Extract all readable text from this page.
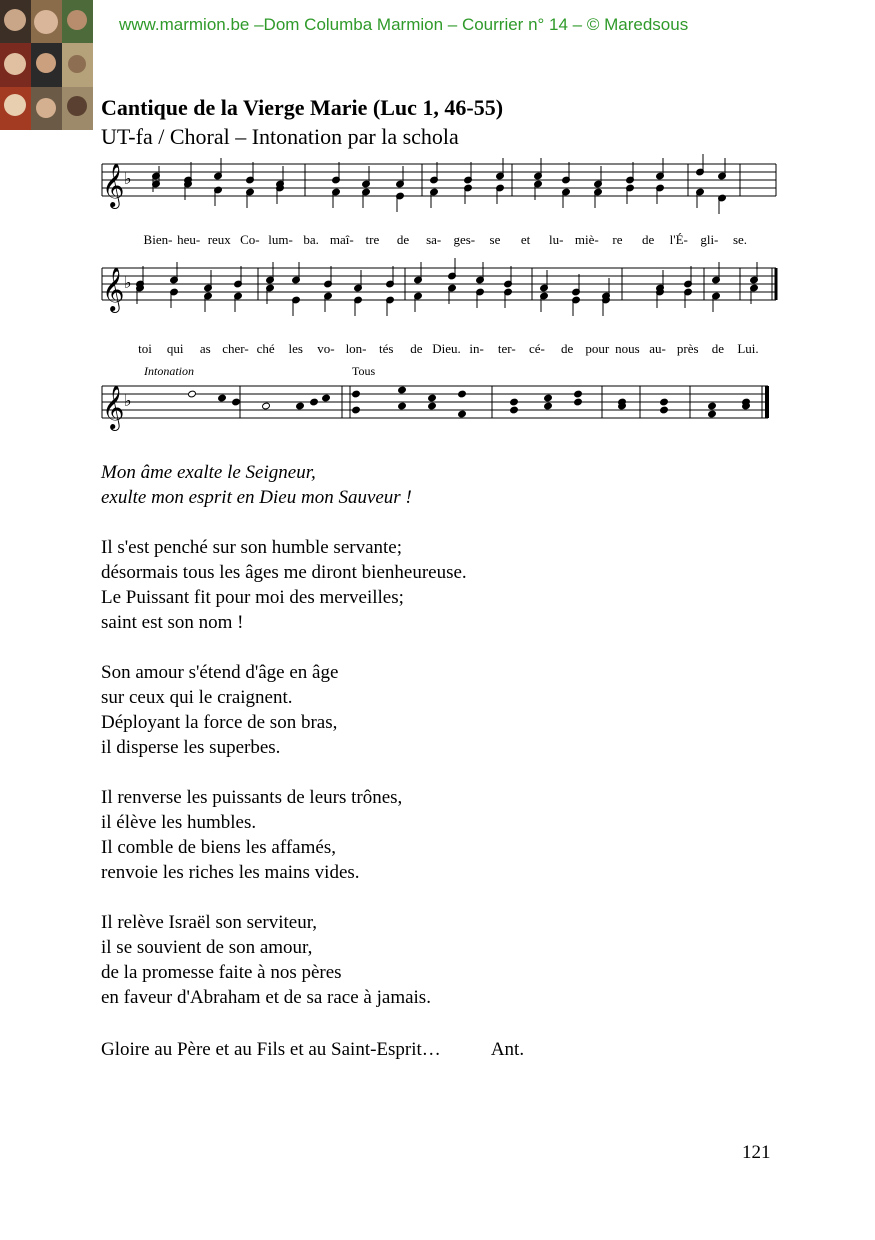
www.marmion.be –Dom Columba Marmion – Courrier n° 14 – © Maredsous
Cantique de la Vierge Marie (Luc 1, 46-55)
UT-fa / Choral – Intonation par la schola
𝄞
𝄞
𝄞
♭
♭
♭
Bien- heu- reux Co- lum- ba. maî- tre de sa- ges- se et lu- miè- re de l'É- gli- se.
toi qui as cher- ché les vo- lon- tés de Dieu. in- ter- cé- de pour nous au- près de Lui.
Intonation	Tous
Mon âme exalte le Seigneur,
exulte mon esprit en Dieu mon Sauveur !
Il s'est penché sur son humble servante;
désormais tous les âges me diront bienheureuse.
Le Puissant fit pour moi des merveilles;
saint est son nom !
Son amour s'étend d'âge en âge
sur ceux qui le craignent.
Déployant la force de son bras,
il disperse les superbes.
Il renverse les puissants de leurs trônes,
il élève les humbles.
Il comble de biens les affamés,
renvoie les riches les mains vides.
Il relève Israël son serviteur,
il se souvient de son amour,
de la promesse faite à nos pères
en faveur d'Abraham et de sa race à jamais.
Gloire au Père et au Fils et au Saint-Esprit…	Ant.
121
